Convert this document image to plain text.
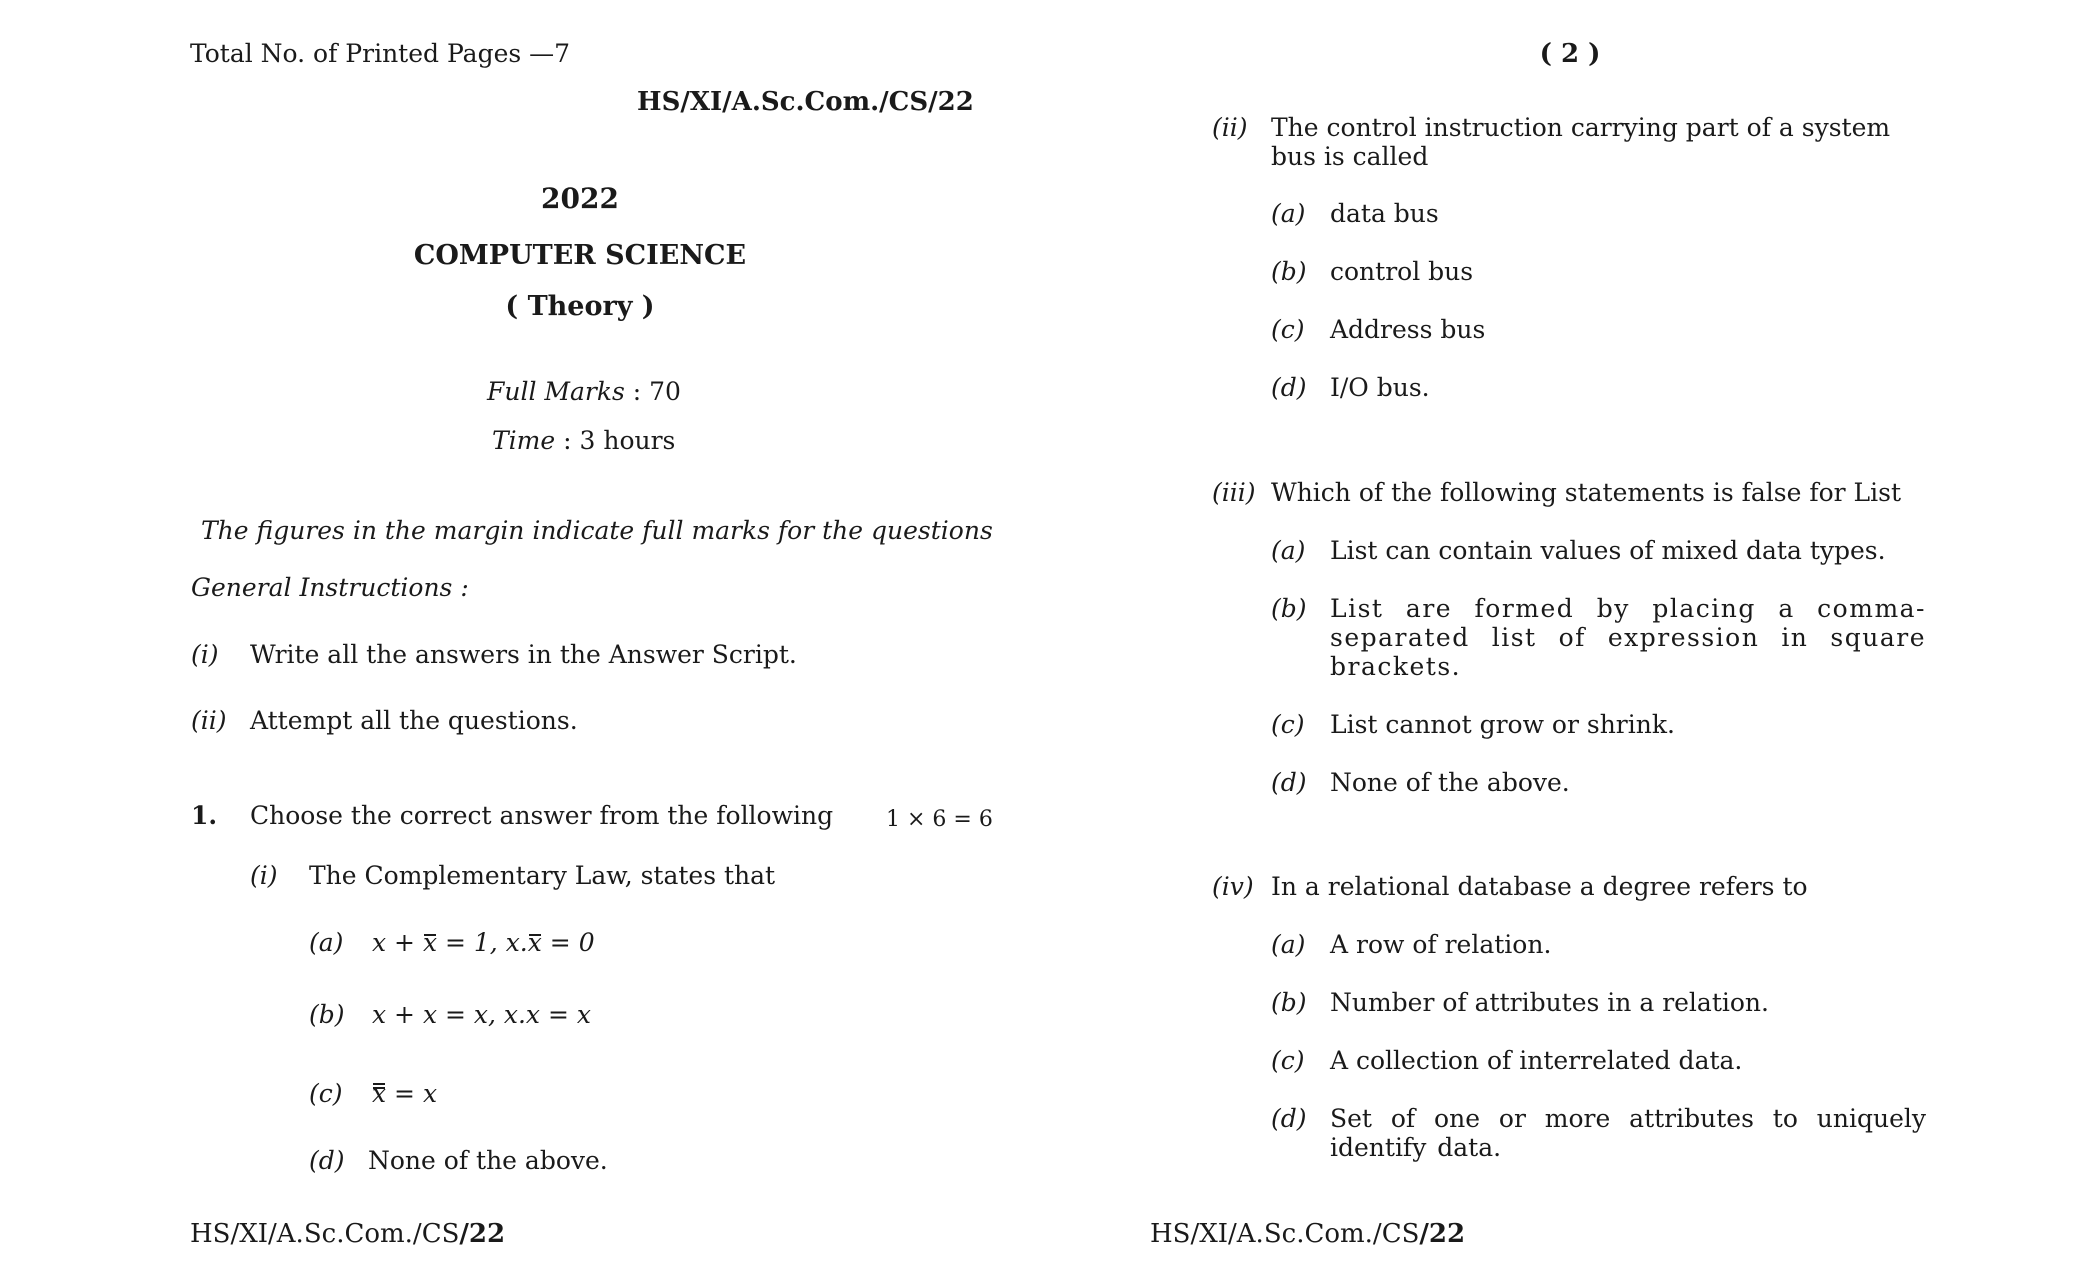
Total No. of Printed Pages —7
HS/XI/A.Sc.Com./CS/22
2022
COMPUTER SCIENCE
( Theory )
Full Marks : 70
Time : 3 hours
The figures in the margin indicate full marks for the questions
General Instructions :
(i) Write all the answers in the Answer Script.
(ii) Attempt all the questions.
1. Choose the correct answer from the following 1 × 6 = 6
(i) The Complementary Law, states that
(a) x + x = 1, x.x = 0
(b) x + x = x, x.x = x
(c) x = x
(d) None of the above.
HS/XI/A.Sc.Com./CS/22
( 2 )
(ii) The control instruction carrying part of a system bus is called
(a) data bus
(b) control bus
(c) Address bus
(d) I/O bus.
(iii) Which of the following statements is false for List
(a) List can contain values of mixed data types.
(b) List are formed by placing a comma-separated list of expression in square brackets.
(c) List cannot grow or shrink.
(d) None of the above.
(iv) In a relational database a degree refers to
(a) A row of relation.
(b) Number of attributes in a relation.
(c) A collection of interrelated data.
(d) Set of one or more attributes to uniquely identify data.
HS/XI/A.Sc.Com./CS/22
